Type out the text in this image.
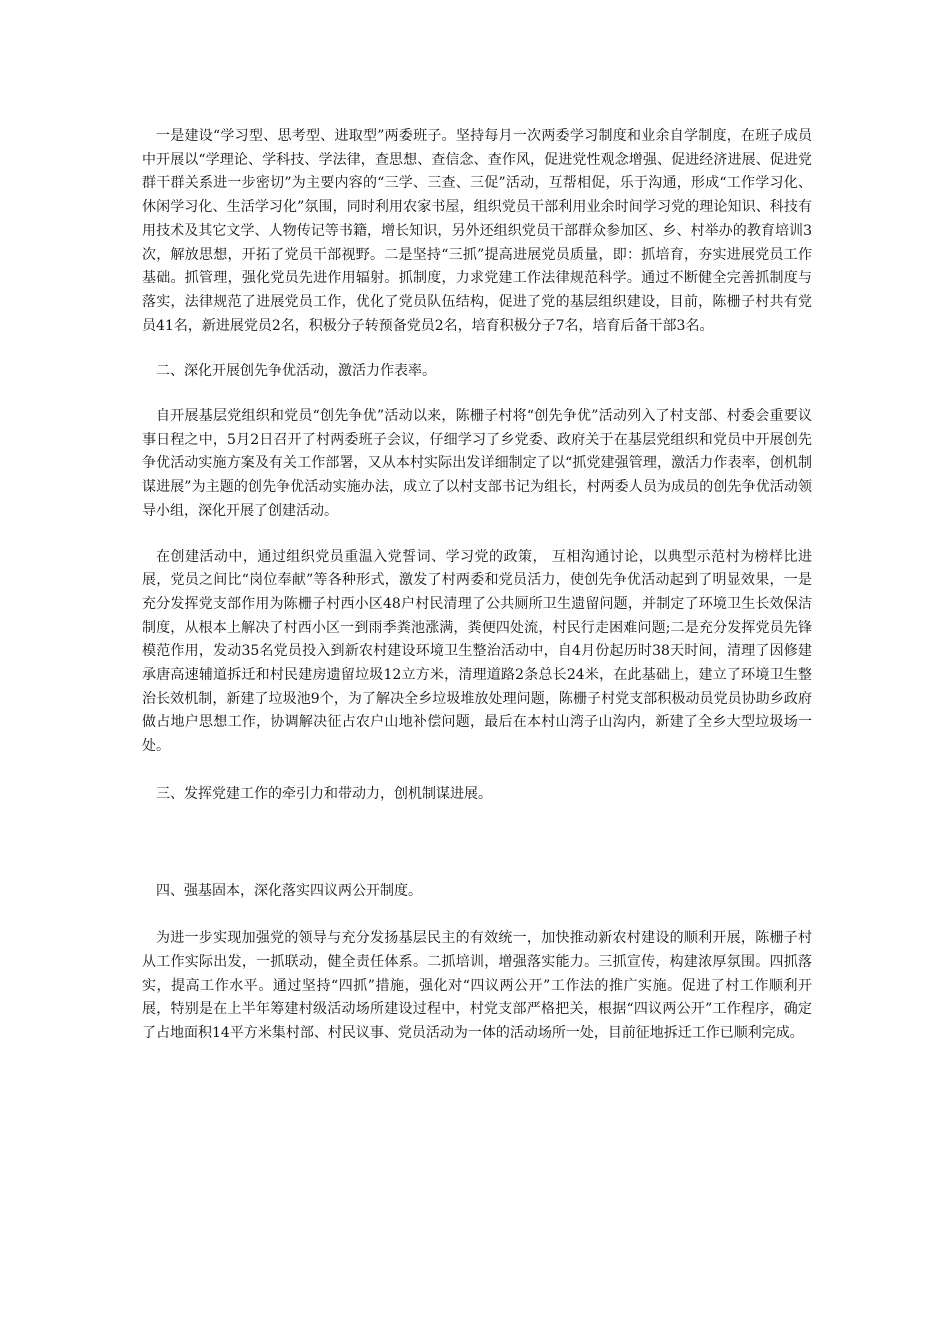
一是建设“学习型、思考型、进取型”两委班子。坚持每月一次两委学习制度和业余自学制度，在班子成员中开展以“学理论、学科技、学法律，查思想、查信念、查作风，促进党性观念增强、促进经济进展、促进党群干群关系进一步密切”为主要内容的“三学、三查、三促”活动，互帮相促，乐于沟通，形成“工作学习化、休闲学习化、生活学习化”氛围，同时利用农家书屋，组织党员干部利用业余时间学习党的理论知识、科技有用技术及其它文学、人物传记等书籍，增长知识，另外还组织党员干部群众参加区、乡、村举办的教育培训3次，解放思想，开拓了党员干部视野。二是坚持“三抓”提高进展党员质量，即：抓培育，夯实进展党员工作基础。抓管理，强化党员先进作用辐射。抓制度，力求党建工作法律规范科学。通过不断健全完善抓制度与落实，法律规范了进展党员工作，优化了党员队伍结构，促进了党的基层组织建设，目前，陈栅子村共有党员41名，新进展党员2名，积极分子转预备党员2名，培育积极分子7名，培育后备干部3名。

二、深化开展创先争优活动，激活力作表率。

自开展基层党组织和党员“创先争优”活动以来，陈栅子村将“创先争优”活动列入了村支部、村委会重要议事日程之中，5月2日召开了村两委班子会议，仔细学习了乡党委、政府关于在基层党组织和党员中开展创先争优活动实施方案及有关工作部署，又从本村实际出发详细制定了以“抓党建强管理，激活力作表率，创机制谋进展”为主题的创先争优活动实施办法，成立了以村支部书记为组长，村两委人员为成员的创先争优活动领导小组，深化开展了创建活动。

在创建活动中，通过组织党员重温入党誓词、学习党的政策， 互相沟通讨论，以典型示范村为榜样比进展，党员之间比“岗位奉献”等各种形式，激发了村两委和党员活力，使创先争优活动起到了明显效果，一是充分发挥党支部作用为陈栅子村西小区48户村民清理了公共厕所卫生遗留问题，并制定了环境卫生长效保洁制度，从根本上解决了村西小区一到雨季粪池涨满，粪便四处流，村民行走困难问题;二是充分发挥党员先锋模范作用，发动35名党员投入到新农村建设环境卫生整治活动中，自4月份起历时38天时间，清理了因修建承唐高速辅道拆迁和村民建房遗留垃圾12立方米，清理道路2条总长24米，在此基础上，建立了环境卫生整治长效机制，新建了垃圾池9个，为了解决全乡垃圾堆放处理问题，陈栅子村党支部积极动员党员协助乡政府做占地户思想工作，协调解决征占农户山地补偿问题，最后在本村山湾子山沟内，新建了全乡大型垃圾场一处。

三、发挥党建工作的牵引力和带动力，创机制谋进展。

四、强基固本，深化落实四议两公开制度。

为进一步实现加强党的领导与充分发扬基层民主的有效统一，加快推动新农村建设的顺利开展，陈栅子村从工作实际出发，一抓联动，健全责任体系。二抓培训，增强落实能力。三抓宣传，构建浓厚氛围。四抓落实，提高工作水平。通过坚持“四抓”措施，强化对“四议两公开”工作法的推广实施。促进了村工作顺利开展，特别是在上半年筹建村级活动场所建设过程中，村党支部严格把关，根据“四议两公开”工作程序，确定了占地面积14平方米集村部、村民议事、党员活动为一体的活动场所一处，目前征地拆迁工作已顺利完成。
